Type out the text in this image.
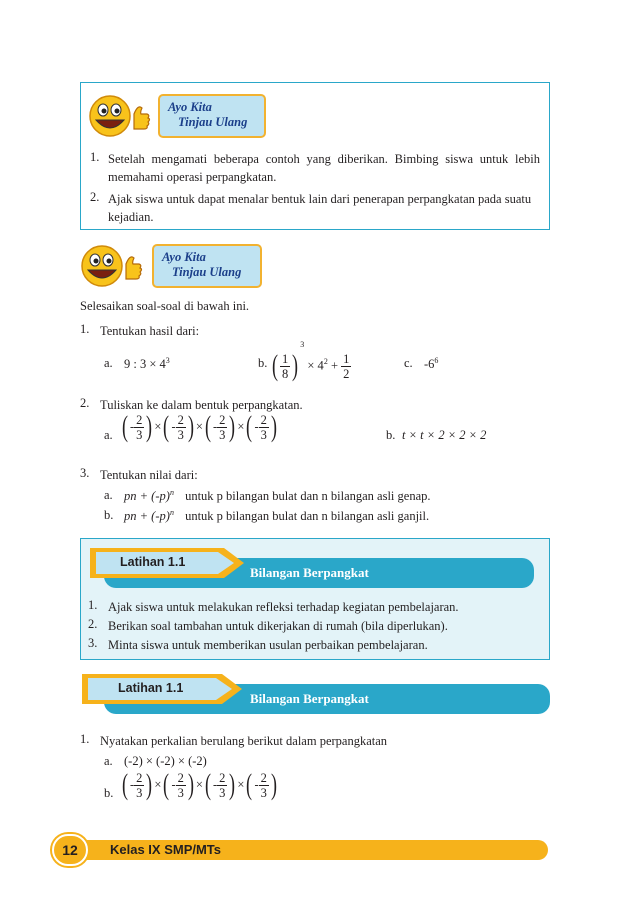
Ayo Kita
Tinjau Ulang
1. Setelah mengamati beberapa contoh yang diberikan. Bimbing siswa untuk lebih memahami operasi perpangkatan.
2. Ajak siswa untuk dapat menalar bentuk lain dari penerapan perpangkatan pada suatu kejadian.
Ayo Kita
Tinjau Ulang
Selesaikan soal-soal di bawah ini.
1. Tentukan hasil dari:
a. 9 : $3 \times 4^3$	b. ( $\frac{1}{8} )^3 \times 4^2 + \frac{1}{2}$	c. $-6^6$
2. Tuliskan ke dalam bentuk perpangkatan.
a. ( - $\frac{2}{3}$ ) ×( - $\frac{2}{3}$ ) ×( - $\frac{2}{3}$ ) ×( - $\frac{2}{3}$ )	b. t × t × 2 × 2 × 2
3. Tentukan nilai dari:
a. pn + $(-p)^n$ untuk p bilangan bulat dan n bilangan asli genap.
b. pn + $(-p)^n$ untuk p bilangan bulat dan n bilangan asli ganjil.
Latihan 1.1
Bilangan Berpangkat
1. Ajak siswa untuk melakukan refleksi terhadap kegiatan pembelajaran.
2. Berikan soal tambahan untuk dikerjakan di rumah (bila diperlukan).
3. Minta siswa untuk memberikan usulan perbaikan pembelajaran.
Latihan 1.1
Bilangan Berpangkat
1. Nyatakan perkalian berulang berikut dalam perpangkatan
a. (-2) × (-2) × (-2)
b. ( - $\frac{2}{3}$ ) ×( - $\frac{2}{3}$ ) ×( - $\frac{2}{3}$ ) ×( - $\frac{2}{3}$ )
12	Kelas IX SMP/MTs
